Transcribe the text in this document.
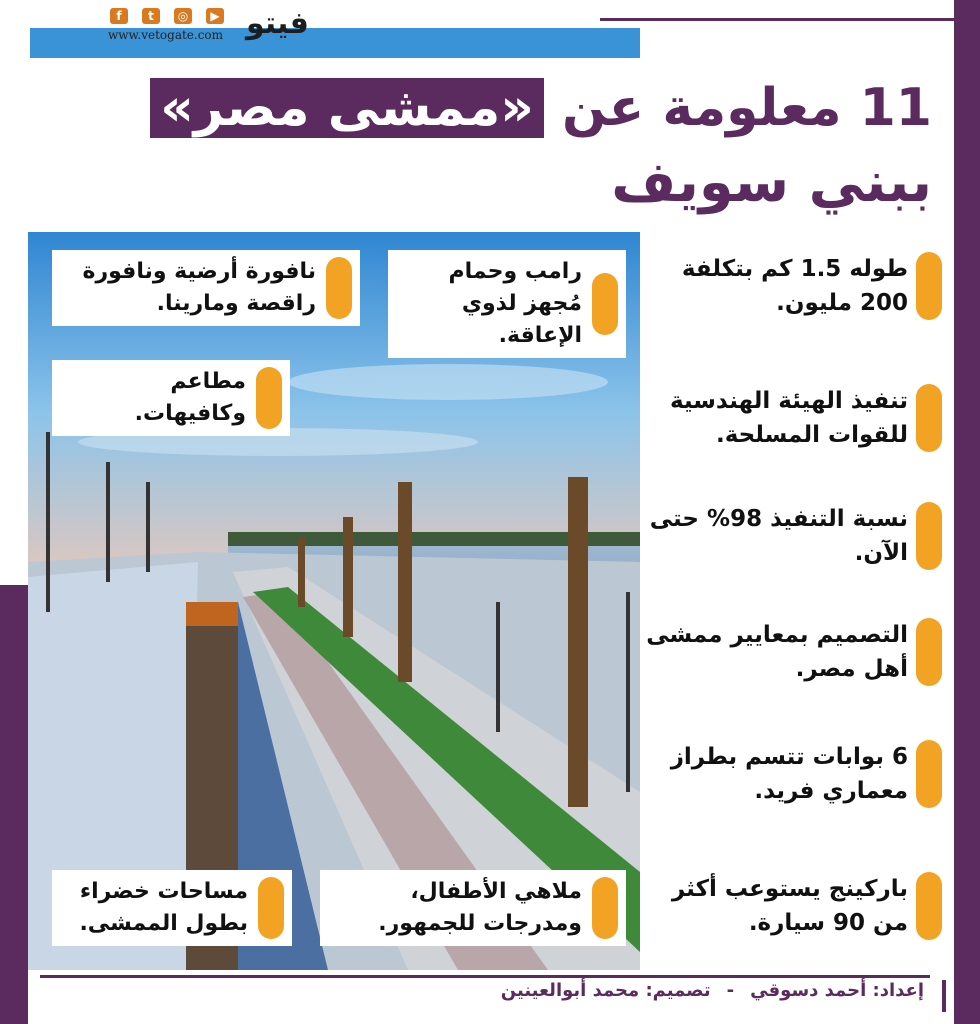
f	t	◎	▶
www.vetogate.com فيتو
11 معلومة عن «ممشى مصر»
ببني سويف
طوله 1.5 كم بتكلفة 200 مليون.
تنفيذ الهيئة الهندسية للقوات المسلحة.
نسبة التنفيذ 98% حتى الآن.
التصميم بمعايير ممشى أهل مصر.
6 بوابات تتسم بطراز معماري فريد.
باركينج يستوعب أكثر من 90 سيارة.
رامب وحمام مُجهز لذوي الإعاقة.
نافورة أرضية ونافورة راقصة ومارينا.
مطاعم وكافيهات.
ملاهي الأطفال، ومدرجات للجمهور.
مساحات خضراء بطول الممشى.
إعداد: أحمد دسوقي
-
تصميم: محمد أبوالعينين
